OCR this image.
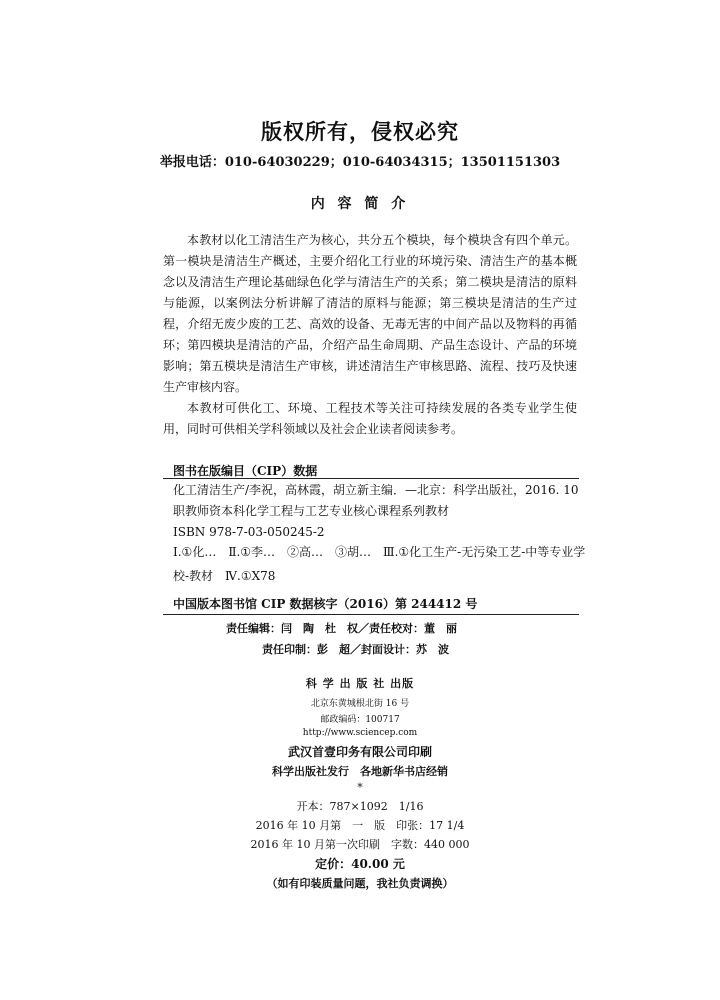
版权所有，侵权必究
举报电话：010-64030229；010-64034315；13501151303
内 容 简 介

本教材以化工清洁生产为核心，共分五个模块，每个模块含有四个单元。第一模块是清洁生产概述，主要介绍化工行业的环境污染、清洁生产的基本概念以及清洁生产理论基础绿色化学与清洁生产的关系；第二模块是清洁的原料与能源，以案例法分析讲解了清洁的原料与能源；第三模块是清洁的生产过程，介绍无废少废的工艺、高效的设备、无毒无害的中间产品以及物料的再循环；第四模块是清洁的产品，介绍产品生命周期、产品生态设计、产品的环境影响；第五模块是清洁生产审核，讲述清洁生产审核思路、流程、技巧及快速生产审核内容。

本教材可供化工、环境、工程技术等关注可持续发展的各类专业学生使用，同时可供相关学科领域以及社会企业读者阅读参考。

图书在版编目（CIP）数据
化工清洁生产/李祝，高林霞，胡立新主编．—北京：科学出版社，2016. 10
职教师资本科化学工程与工艺专业核心课程系列教材
ISBN 978-7-03-050245-2
Ⅰ.①化…　Ⅱ.①李…　②高…　③胡…　Ⅲ.①化工生产-无污染工艺-中等专业学校-教材　Ⅳ.①X78
中国版本图书馆 CIP 数据核字（2016）第 244412 号
责任编辑：闫　陶　杜　权／责任校对：董　丽
责任印制：彭　超／封面设计：苏　波
科 学 出 版 社 出版
北京东黄城根北街 16 号
邮政编码：100717
http://www.sciencep.com
武汉首壹印务有限公司印刷
科学出版社发行　各地新华书店经销
*
开本：787×1092　1/16
2016 年 10 月第　一　版　印张：17 1/4
2016 年 10 月第一次印刷　字数：440 000
定价：40.00 元
（如有印装质量问题，我社负责调换）
